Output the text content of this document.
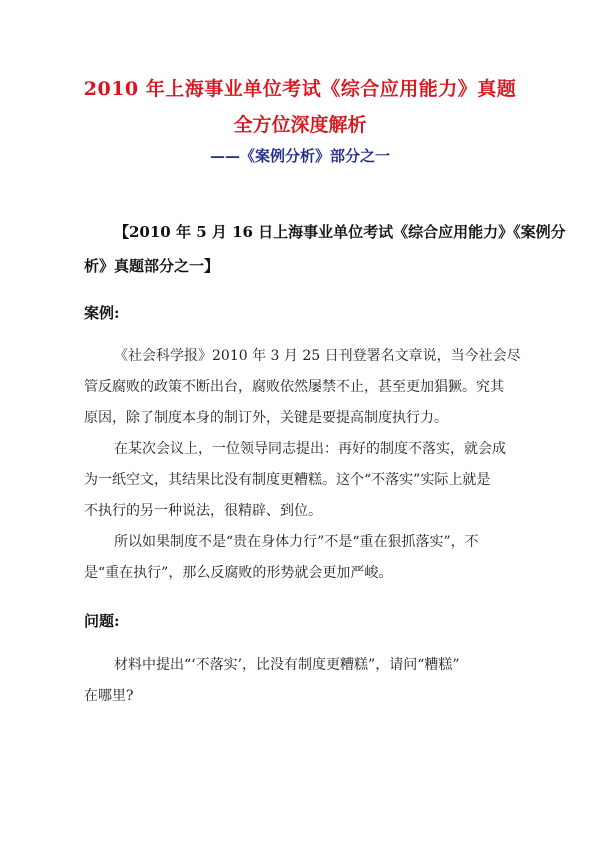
2010 年上海事业单位考试《综合应用能力》真题
全方位深度解析
——《案例分析》部分之一
【2010 年 5 月 16 日上海事业单位考试《综合应用能力》《案例分
析》真题部分之一】
案例:
《社会科学报》2010 年 3 月 25 日刊登署名文章说，当今社会尽
管反腐败的政策不断出台，腐败依然屡禁不止，甚至更加猖獗。究其
原因，除了制度本身的制订外，关键是要提高制度执行力。
在某次会议上，一位领导同志提出：再好的制度不落实，就会成
为一纸空文，其结果比没有制度更糟糕。这个“不落实”实际上就是
不执行的另一种说法，很精辟、到位。
所以如果制度不是“贵在身体力行”不是“重在狠抓落实”，不
是“重在执行”，那么反腐败的形势就会更加严峻。
问题:
材料中提出“‘不落实’，比没有制度更糟糕”，请问“糟糕”
在哪里?
